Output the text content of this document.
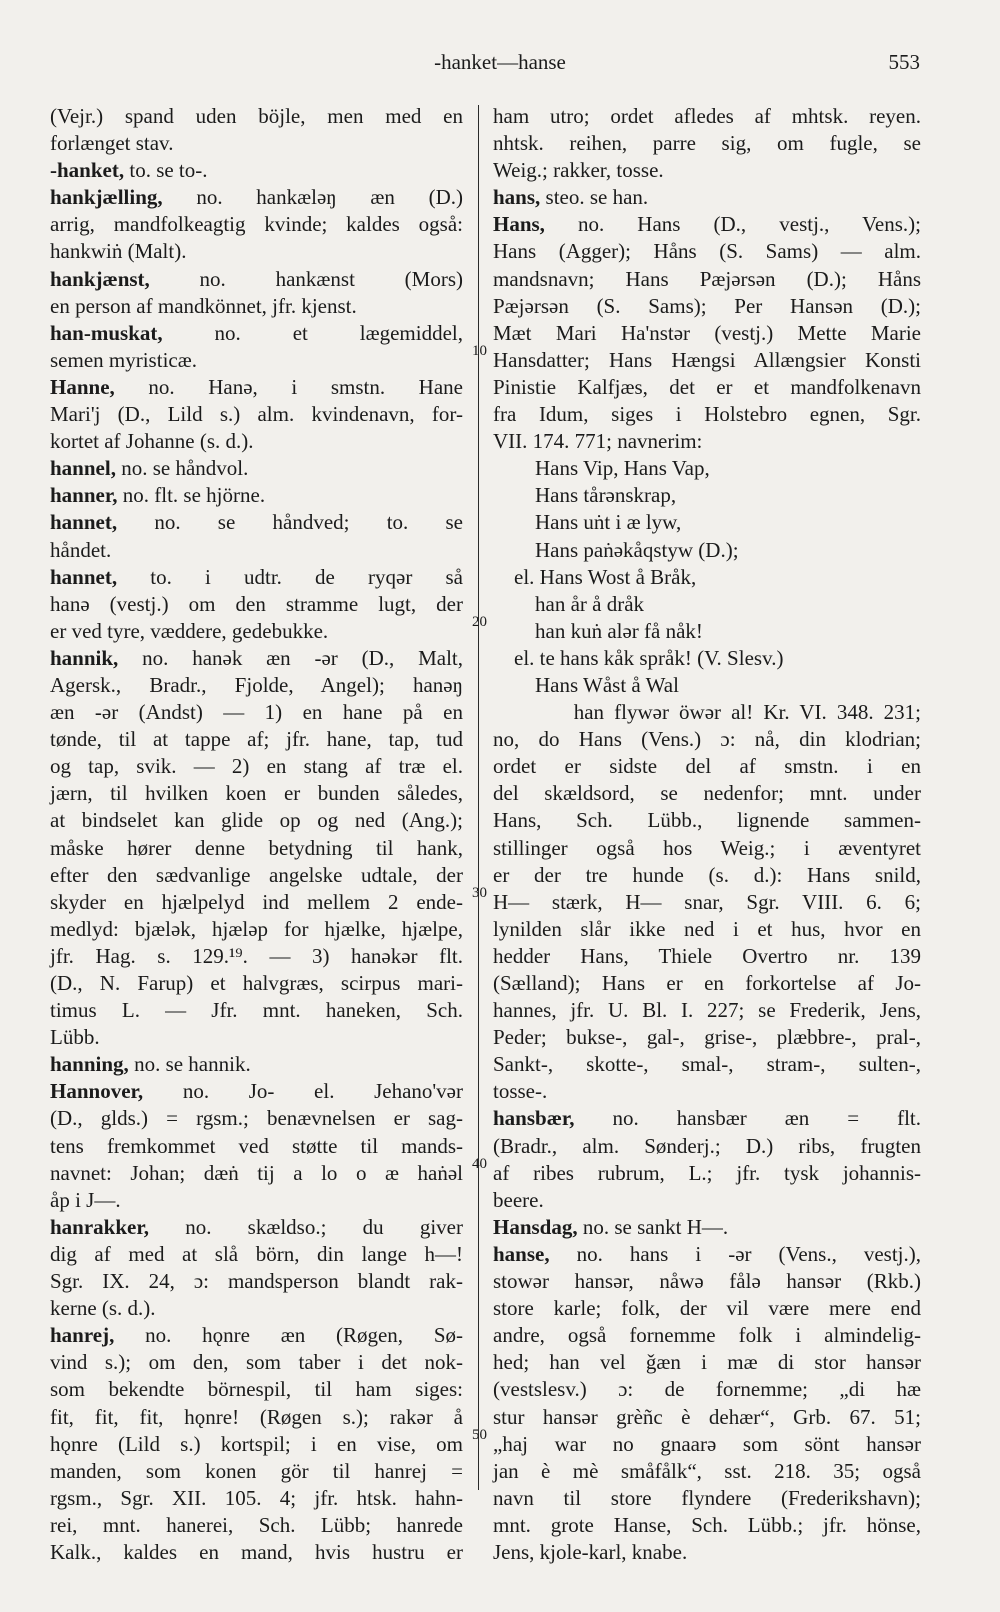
-hanket—hanse	553
(Vejr.) spand uden böjle, men med en
forlænget stav.
-hanket, to. se to-.
hankjælling, no. hankæləŋ æn (D.)
arrig, mandfolkeagtig kvinde; kaldes også:
hankwiṅ (Malt).
hankjænst, no. hankænst (Mors)
en person af mandkönnet, jfr. kjenst.
han-muskat, no. et lægemiddel,
semen myristicæ.
Hanne, no. Hanə, i smstn. Hane
Mari'j (D., Lild s.) alm. kvindenavn, for-
kortet af Johanne (s. d.).
hannel, no. se håndvol.
hanner, no. flt. se hjörne.
hannet, no. se håndved; to. se
håndet.
hannet, to. i udtr. de ryqər så
hanə (vestj.) om den stramme lugt, der
er ved tyre, væddere, gedebukke.
hannik, no. hanək æn -ər (D., Malt,
Agersk., Bradr., Fjolde, Angel); hanəŋ
æn -ər (Andst) — 1) en hane på en
tønde, til at tappe af; jfr. hane, tap, tud
og tap, svik. — 2) en stang af træ el.
jærn, til hvilken koen er bunden således,
at bindselet kan glide op og ned (Ang.);
måske hører denne betydning til hank,
efter den sædvanlige angelske udtale, der
skyder en hjælpelyd ind mellem 2 ende-
medlyd: bjælək, hjæləp for hjælke, hjælpe,
jfr. Hag. s. 129.¹⁹. — 3) hanəkər flt.
(D., N. Farup) et halvgræs, scirpus mari-
timus L. — Jfr. mnt. haneken, Sch.
Lübb.
hanning, no. se hannik.
Hannover, no. Jo- el. Jehano'vər
(D., glds.) = rgsm.; benævnelsen er sag-
tens fremkommet ved støtte til mands-
navnet: Johan; dæṅ tij a lo o æ haṅəl
åp i J—.
hanrakker, no. skældso.; du giver
dig af med at slå börn, din lange h—!
Sgr. IX. 24, ɔ: mandsperson blandt rak-
kerne (s. d.).
hanrej, no. hǫnre æn (Røgen, Sø-
vind s.); om den, som taber i det nok-
som bekendte börnespil, til ham siges:
fit, fit, fit, hǫnre! (Røgen s.); rakər å
hǫnre (Lild s.) kortspil; i en vise, om
manden, som konen gör til hanrej =
rgsm., Sgr. XII. 105. 4; jfr. htsk. hahn-
rei, mnt. hanerei, Sch. Lübb; hanrede
Kalk., kaldes en mand, hvis hustru er
ham utro; ordet afledes af mhtsk. reyen.
nhtsk. reihen, parre sig, om fugle, se
Weig.; rakker, tosse.
hans, steo. se han.
Hans, no. Hans (D., vestj., Vens.);
Hans (Agger); Håns (S. Sams) — alm.
mandsnavn; Hans Pæjərsən (D.); Håns
Pæjərsən (S. Sams); Per Hansən (D.);
Mæt Mari Ha'nstər (vestj.) Mette Marie
Hansdatter; Hans Hængsi Allængsier Konsti
Pinistie Kalfjæs, det er et mandfolkenavn
fra Idum, siges i Holstebro egnen, Sgr.
VII. 174. 771; navnerim:
Hans Vip, Hans Vap,
Hans tårənskrap,
Hans uṅt i æ lyw,
Hans paṅəkåqstyw (D.);
el. Hans Wost å Bråk,
han år å dråk
han kuṅ alər få nåk!
el. te hans kåk språk! (V. Slesv.)
Hans Wåst å Wal
han flywər öwər al! Kr. VI. 348. 231;
no, do Hans (Vens.) ɔ: nå, din klodrian;
ordet er sidste del af smstn. i en
del skældsord, se nedenfor; mnt. under
Hans, Sch. Lübb., lignende sammen-
stillinger også hos Weig.; i æventyret
er der tre hunde (s. d.): Hans snild,
H— stærk, H— snar, Sgr. VIII. 6. 6;
lynilden slår ikke ned i et hus, hvor en
hedder Hans, Thiele Overtro nr. 139
(Sælland); Hans er en forkortelse af Jo-
hannes, jfr. U. Bl. I. 227; se Frederik, Jens,
Peder; bukse-, gal-, grise-, plæbbre-, pral-,
Sankt-, skotte-, smal-, stram-, sulten-,
tosse-.
hansbær, no. hansbær æn = flt.
(Bradr., alm. Sønderj.; D.) ribs, frugten
af ribes rubrum, L.; jfr. tysk johannis-
beere.
Hansdag, no. se sankt H—.
hanse, no. hans i -ər (Vens., vestj.),
stowər hansər, nåwə fålə hansər (Rkb.)
store karle; folk, der vil være mere end
andre, også fornemme folk i almindelig-
hed; han vel ǧæn i mæ di stor hansər
(vestslesv.) ɔ: de fornemme; „di hæ
stur hansər grèñc è dehær“, Grb. 67. 51;
„haj war no gnaarə som sönt hansər
jan è mè småfålk“, sst. 218. 35; også
navn til store flyndere (Frederikshavn);
mnt. grote Hanse, Sch. Lübb.; jfr. hönse,
Jens, kjole-karl, knabe.
10
20
30
40
50
